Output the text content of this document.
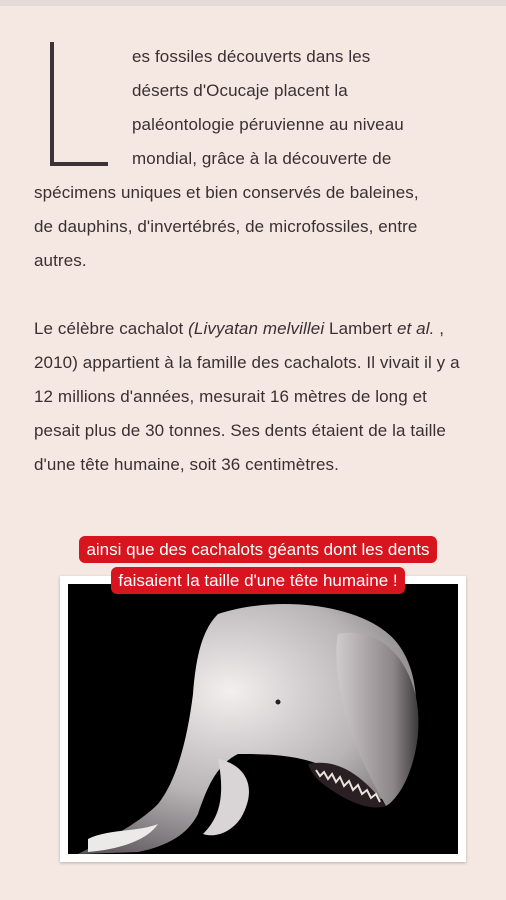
es fossiles découverts dans les
déserts d'Ocucaje placent la
paléontologie péruvienne au niveau
mondial, grâce à la découverte de
spécimens uniques et bien conservés de baleines,
de dauphins, d'invertébrés, de microfossiles, entre
autres.

Le célèbre cachalot (Livyatan melvillei Lambert et al. , 2010) appartient à la famille des cachalots. Il vivait il y a 12 millions d'années, mesurait 16 mètres de long et pesait plus de 30 tonnes. Ses dents étaient de la taille d'une tête humaine, soit 36 centimètres.

ainsi que des cachalots géants dont les dents faisaient la taille d'une tête humaine !
